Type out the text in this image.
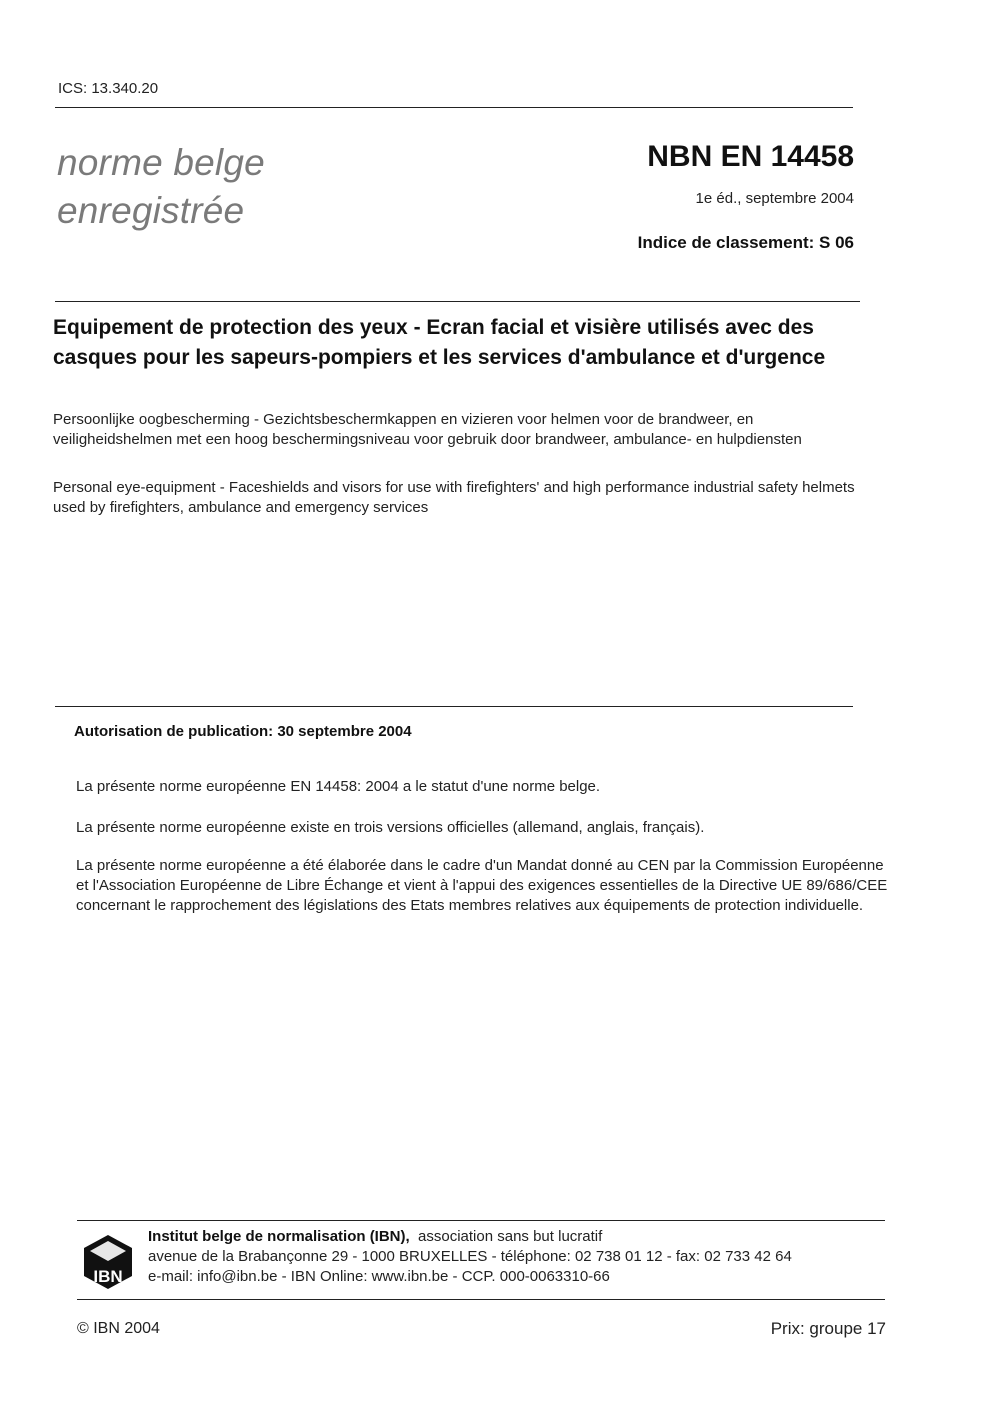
ICS: 13.340.20
norme belge
enregistrée
NBN EN 14458
1e éd., septembre 2004
Indice de classement: S 06
Equipement de protection des yeux - Ecran facial et visière utilisés avec des casques pour les sapeurs-pompiers et les services d'ambulance et d'urgence
Persoonlijke oogbescherming - Gezichtsbeschermkappen en vizieren voor helmen voor de brandweer, en veiligheidshelmen met een hoog beschermingsniveau voor gebruik door brandweer, ambulance- en hulpdiensten
Personal eye-equipment - Faceshields and visors for use with firefighters' and high performance industrial safety helmets used by firefighters, ambulance and emergency services
Autorisation de publication: 30 septembre 2004
La présente norme européenne EN 14458: 2004 a le statut d'une norme belge.
La présente norme européenne existe en trois versions officielles (allemand, anglais, français).
La présente norme européenne a été élaborée dans le cadre d'un Mandat donné au CEN par la Commission Européenne et l'Association Européenne de Libre Échange et vient à l'appui des exigences essentielles de la Directive UE 89/686/CEE concernant le rapprochement des législations des Etats membres relatives aux équipements de protection individuelle.
IBN
Institut belge de normalisation (IBN), association sans but lucratif
avenue de la Brabançonne 29 - 1000 BRUXELLES - téléphone: 02 738 01 12 - fax: 02 733 42 64
e-mail: info@ibn.be - IBN Online: www.ibn.be - CCP. 000-0063310-66
© IBN 2004	Prix: groupe 17
